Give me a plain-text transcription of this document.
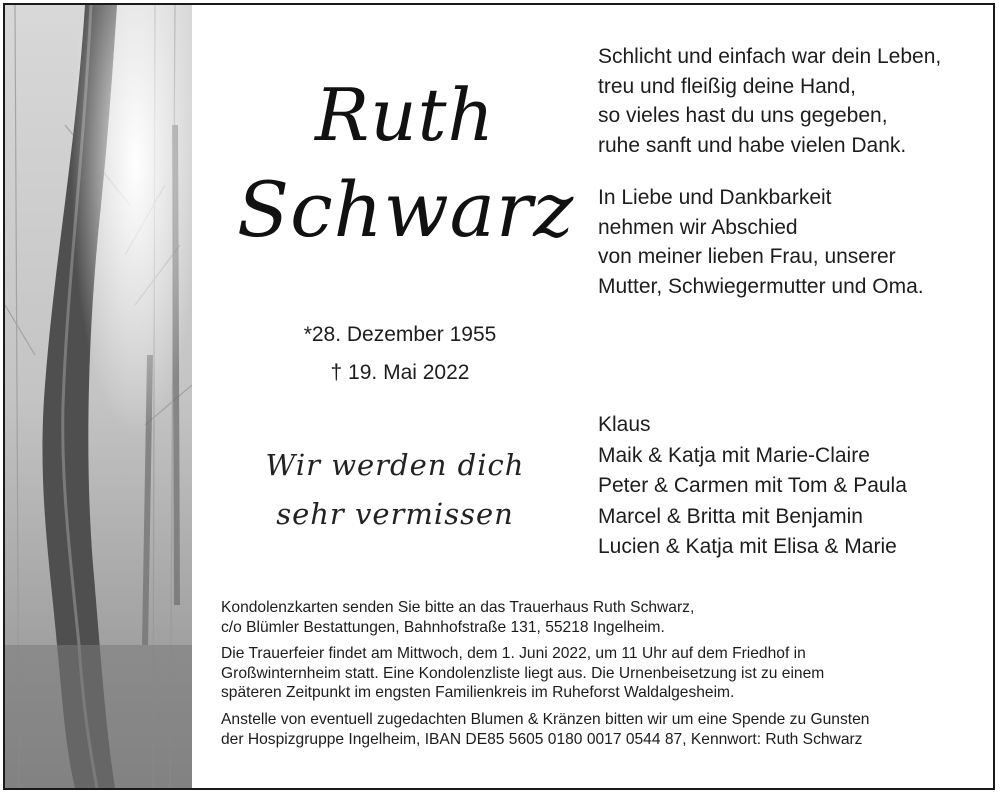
Ruth
Schwarz
*28. Dezember 1955
† 19. Mai 2022
Wir werden dich
sehr vermissen
Schlicht und einfach war dein Leben,
treu und fleißig deine Hand,
so vieles hast du uns gegeben,
ruhe sanft und habe vielen Dank.
In Liebe und Dankbarkeit
nehmen wir Abschied
von meiner lieben Frau, unserer
Mutter, Schwiegermutter und Oma.
Klaus
Maik & Katja mit Marie-Claire
Peter & Carmen mit Tom & Paula
Marcel & Britta mit Benjamin
Lucien & Katja mit Elisa & Marie

Kondolenzkarten senden Sie bitte an das Trauerhaus Ruth Schwarz,
c/o Blümler Bestattungen, Bahnhofstraße 131, 55218 Ingelheim.

Die Trauerfeier findet am Mittwoch, dem 1. Juni 2022, um 11 Uhr auf dem Friedhof in
Großwinternheim statt. Eine Kondolenzliste liegt aus. Die Urnenbeisetzung ist zu einem
späteren Zeitpunkt im engsten Familienkreis im Ruheforst Waldalgesheim.

Anstelle von eventuell zugedachten Blumen & Kränzen bitten wir um eine Spende zu Gunsten
der Hospizgruppe Ingelheim, IBAN DE85 5605 0180 0017 0544 87, Kennwort: Ruth Schwarz
